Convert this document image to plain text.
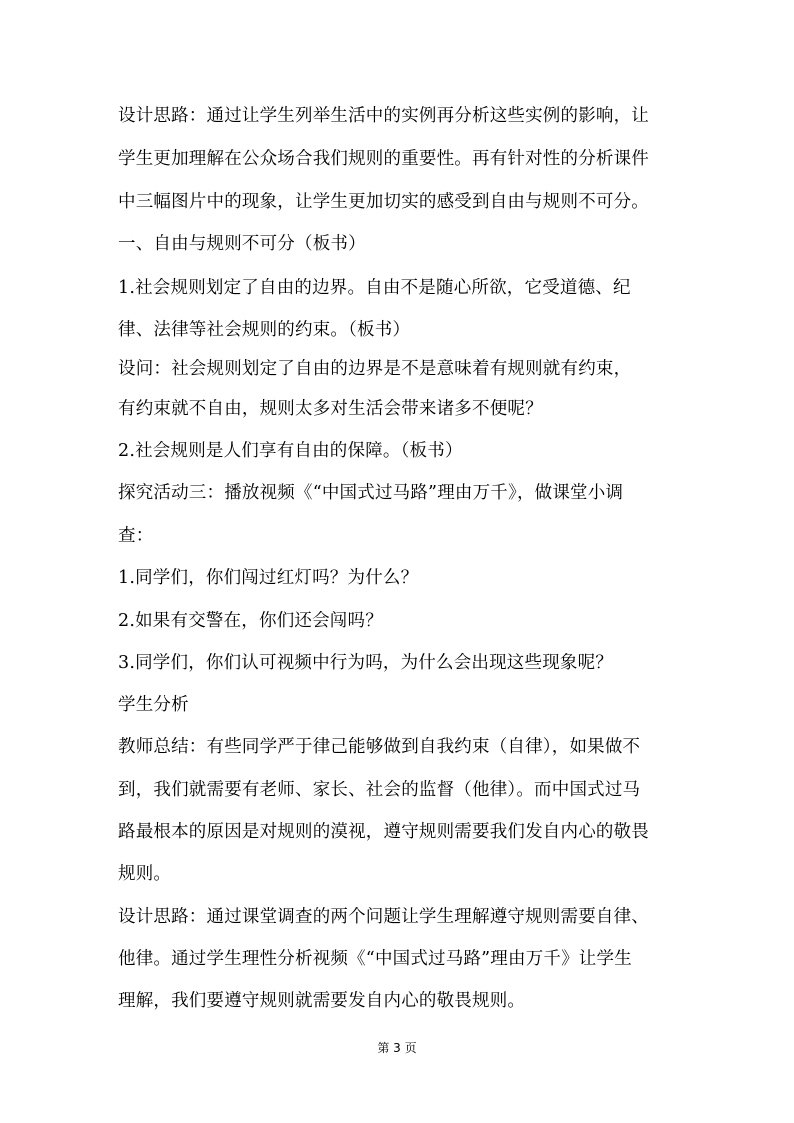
设计思路：通过让学生列举生活中的实例再分析这些实例的影响，让
学生更加理解在公众场合我们规则的重要性。再有针对性的分析课件
中三幅图片中的现象，让学生更加切实的感受到自由与规则不可分。
一、自由与规则不可分（板书）
1.社会规则划定了自由的边界。自由不是随心所欲，它受道德、纪
律、法律等社会规则的约束。（板书）
设问：社会规则划定了自由的边界是不是意味着有规则就有约束，
有约束就不自由，规则太多对生活会带来诸多不便呢？
2.社会规则是人们享有自由的保障。（板书）
探究活动三：播放视频《“中国式过马路”理由万千》，做课堂小调
查：
1.同学们，你们闯过红灯吗？为什么？
2.如果有交警在，你们还会闯吗？
3.同学们，你们认可视频中行为吗，为什么会出现这些现象呢？
学生分析
教师总结：有些同学严于律己能够做到自我约束（自律），如果做不
到，我们就需要有老师、家长、社会的监督（他律）。而中国式过马
路最根本的原因是对规则的漠视，遵守规则需要我们发自内心的敬畏
规则。
设计思路：通过课堂调查的两个问题让学生理解遵守规则需要自律、
他律。通过学生理性分析视频《“中国式过马路”理由万千》让学生
理解，我们要遵守规则就需要发自内心的敬畏规则。
第 3 页
